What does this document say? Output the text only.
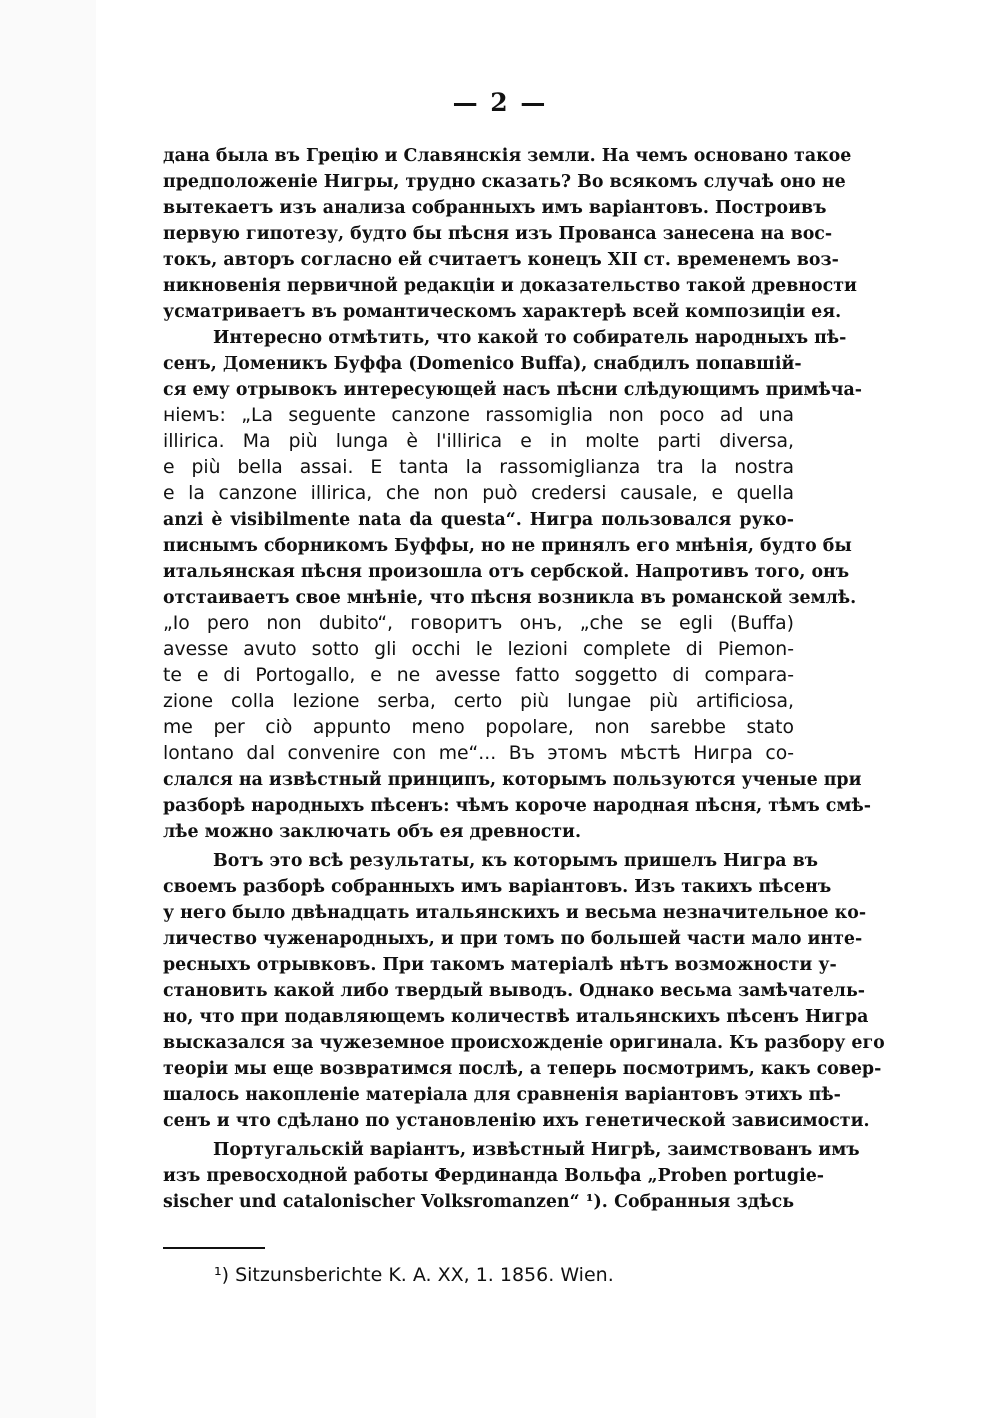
— 2 —
дана была въ Грецію и Славянскія земли. На чемъ основано такое
предположеніе Нигры, трудно сказать? Во всякомъ случаѣ оно не
вытекаетъ изъ анализа собранныхъ имъ варіантовъ. Построивъ
первую гипотезу, будто бы пѣсня изъ Прованса занесена на вос-
токъ, авторъ согласно ей считаетъ конецъ XII ст. временемъ воз-
никновенія первичной редакціи и доказательство такой древности
усматриваетъ въ романтическомъ характерѣ всей композиціи ея.
Интересно отмѣтить, что какой то собиратель народныхъ пѣ-
сенъ, Доменикъ Буффа (Domenico Buffa), снабдилъ попавшій-
ся ему отрывокъ интересующей насъ пѣсни слѣдующимъ примѣча-
ніемъ: „La seguente canzone rassomiglia non poco ad una
illirica. Ma più lunga è l'illirica e in molte parti diversa,
e più bella assai. E tanta la rassomiglianza tra la nostra
e la canzone illirica, che non può credersi causale, e quella
anzi è visibilmente nata da questa“. Нигра пользовался руко-
писнымъ сборникомъ Буффы, но не принялъ его мнѣнія, будто бы
итальянская пѣсня произошла отъ сербской. Напротивъ того, онъ
отстаиваетъ свое мнѣніе, что пѣсня возникла въ романской землѣ.
„Io pero non dubito“, говоритъ онъ, „che se egli (Buffa)
avesse avuto sotto gli occhi le lezioni complete di Piemon-
te e di Portogallo, e ne avesse fatto soggetto di compara-
zione colla lezione serba, certo più lungae più artificiosa,
me per ciò appunto meno popolare, non sarebbe stato
lontano dal convenire con me“... Въ этомъ мѣстѣ Нигра со-
слался на извѣстный принципъ, которымъ пользуются ученые при
разборѣ народныхъ пѣсенъ: чѣмъ короче народная пѣсня, тѣмъ смѣ-
лѣе можно заключать объ ея древности.
Вотъ это всѣ результаты, къ которымъ пришелъ Нигра въ
своемъ разборѣ собранныхъ имъ варіантовъ. Изъ такихъ пѣсенъ
у него было двѣнадцать итальянскихъ и весьма незначительное ко-
личество чуженародныхъ, и при томъ по большей части мало инте-
ресныхъ отрывковъ. При такомъ матеріалѣ нѣтъ возможности у-
становить какой либо твердый выводъ. Однако весьма замѣчатель-
но, что при подавляющемъ количествѣ итальянскихъ пѣсенъ Нигра
высказался за чужеземное происхожденіе оригинала. Къ разбору его
теоріи мы еще возвратимся послѣ, а теперь посмотримъ, какъ совер-
шалось накопленіе матеріала для сравненія варіантовъ этихъ пѣ-
сенъ и что сдѣлано по установленію ихъ генетической зависимости.
Португальскій варіантъ, извѣстный Нигрѣ, заимствованъ имъ
изъ превосходной работы Фердинанда Вольфа „Proben portugie-
sischer und catalonischer Volksromanzen“ ¹). Собранныя здѣсь
¹) Sitzunsberichte K. A. XX, 1. 1856. Wien.
